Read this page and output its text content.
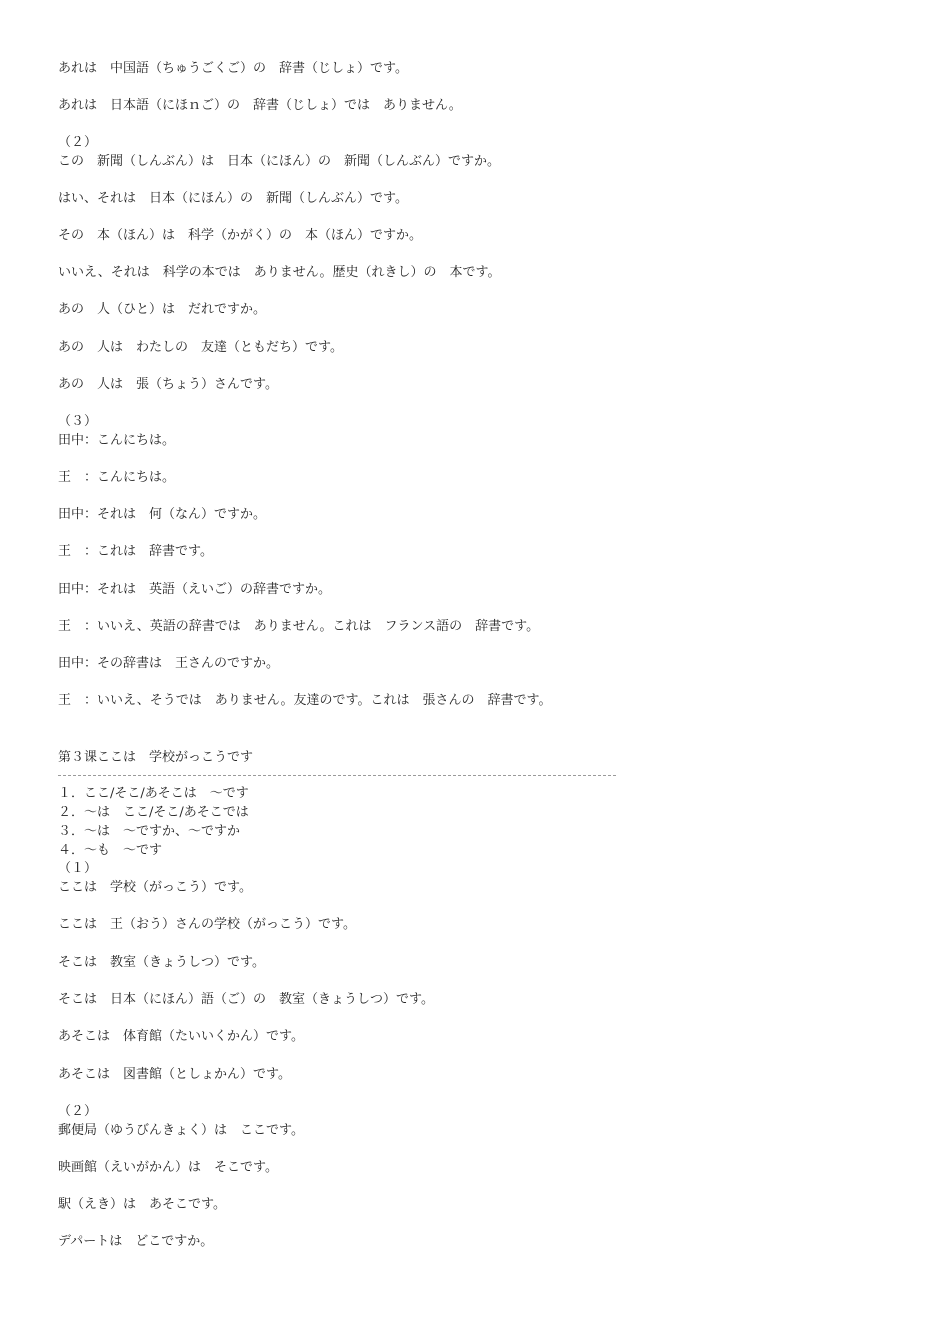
あれは　中国語（ちゅうごくご）の　辞書（じしょ）です。
あれは　日本語（にほｎご）の　辞書（じしょ）では　ありません。
（２）
この　新聞（しんぶん）は　日本（にほん）の　新聞（しんぶん）ですか。
はい、それは　日本（にほん）の　新聞（しんぶん）です。
その　本（ほん）は　科学（かがく）の　本（ほん）ですか。
いいえ、それは　科学の本では　ありません。歴史（れきし）の　本です。
あの　人（ひと）は　だれですか。
あの　人は　わたしの　友達（ともだち）です。
あの　人は　張（ちょう）さんです。
（３）
田中：こんにちは。
王　：こんにちは。
田中：それは　何（なん）ですか。
王　：これは　辞書です。
田中：それは　英語（えいご）の辞書ですか。
王　：いいえ、英語の辞書では　ありません。これは　フランス語の　辞書です。
田中：その辞書は　王さんのですか。
王　：いいえ、そうでは　ありません。友達のです。これは　張さんの　辞書です。
第３课ここは　学校がっこうです
１．ここ/そこ/あそこは　～です
２．～は　ここ/そこ/あそこでは
３．～は　～ですか、～ですか
４．～も　～です
（１）
ここは　学校（がっこう）です。
ここは　王（おう）さんの学校（がっこう）です。
そこは　教室（きょうしつ）です。
そこは　日本（にほん）語（ご）の　教室（きょうしつ）です。
あそこは　体育館（たいいくかん）です。
あそこは　図書館（としょかん）です。
（２）
郵便局（ゆうびんきょく）は　ここです。
映画館（えいがかん）は　そこです。
駅（えき）は　あそこです。
デパートは　どこですか。
